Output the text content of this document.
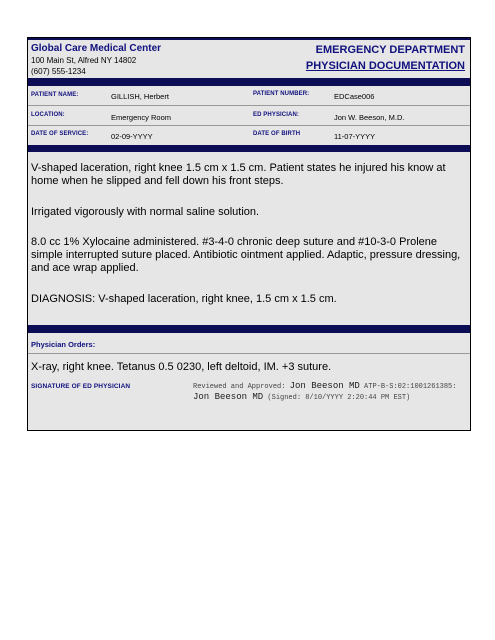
Global Care Medical Center
100 Main St, Alfred NY 14802
(607) 555-1234
EMERGENCY DEPARTMENT
PHYSICIAN DOCUMENTATION
PATIENT NAME:	GILLISH, Herbert	PATIENT NUMBER:	EDCase006
LOCATION:	Emergency Room	ED PHYSICIAN:	Jon W. Beeson, M.D.
DATE OF SERVICE:	02-09-YYYY	DATE OF BIRTH	11-07-YYYY
V-shaped laceration, right knee 1.5 cm x 1.5 cm. Patient states he injured his know at home when he slipped and fell down his front steps.
Irrigated vigorously with normal saline solution.
8.0 cc 1% Xylocaine administered. #3-4-0 chronic deep suture and #10-3-0 Prolene simple interrupted suture placed. Antibiotic ointment applied. Adaptic, pressure dressing, and ace wrap applied.
DIAGNOSIS: V-shaped laceration, right knee, 1.5 cm x 1.5 cm.
Physician Orders:
X-ray, right knee. Tetanus 0.5 0230, left deltoid, IM. +3 suture.
SIGNATURE OF ED PHYSICIAN	Reviewed and Approved: Jon Beeson MD ATP-B-S:02:1001261385: Jon Beeson MD (Signed: 8/10/YYYY 2:20:44 PM EST)
